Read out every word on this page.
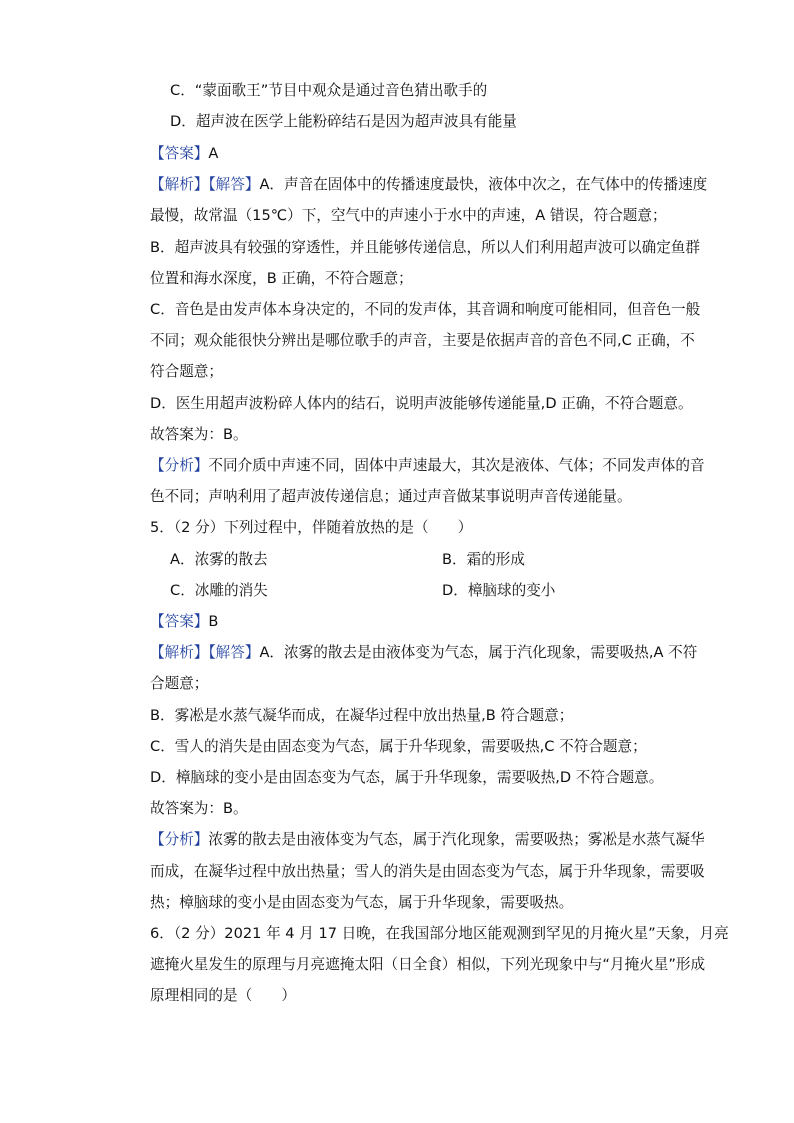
C．“蒙面歌王”节目中观众是通过音色猜出歌手的
D．超声波在医学上能粉碎结石是因为超声波具有能量
【答案】A
【解析】【解答】A．声音在固体中的传播速度最快，液体中次之，在气体中的传播速度
最慢，故常温（15℃）下，空气中的声速小于水中的声速，A 错误，符合题意；
B．超声波具有较强的穿透性，并且能够传递信息，所以人们利用超声波可以确定鱼群
位置和海水深度，B 正确，不符合题意；
C．音色是由发声体本身决定的，不同的发声体，其音调和响度可能相同，但音色一般
不同；观众能很快分辨出是哪位歌手的声音，主要是依据声音的音色不同,C 正确，不
符合题意；
D．医生用超声波粉碎人体内的结石，说明声波能够传递能量,D 正确，不符合题意。
故答案为：B。
【分析】不同介质中声速不同，固体中声速最大，其次是液体、气体；不同发声体的音
色不同；声呐利用了超声波传递信息；通过声音做某事说明声音传递能量。
5．（2 分）下列过程中，伴随着放热的是（　　）
A．浓雾的散去	B．霜的形成
C．冰雕的消失	D．樟脑球的变小
【答案】B
【解析】【解答】A．浓雾的散去是由液体变为气态，属于汽化现象，需要吸热,A 不符
合题意；
B．雾凇是水蒸气凝华而成，在凝华过程中放出热量,B 符合题意；
C．雪人的消失是由固态变为气态，属于升华现象，需要吸热,C 不符合题意；
D．樟脑球的变小是由固态变为气态，属于升华现象，需要吸热,D 不符合题意。
故答案为：B。
【分析】浓雾的散去是由液体变为气态，属于汽化现象，需要吸热；雾凇是水蒸气凝华
而成，在凝华过程中放出热量；雪人的消失是由固态变为气态，属于升华现象，需要吸
热；樟脑球的变小是由固态变为气态，属于升华现象，需要吸热。
6．（2 分）2021 年 4 月 17 日晚，在我国部分地区能观测到罕见的月掩火星”天象，月亮
遮掩火星发生的原理与月亮遮掩太阳（日全食）相似，下列光现象中与“月掩火星”形成
原理相同的是（　　）
